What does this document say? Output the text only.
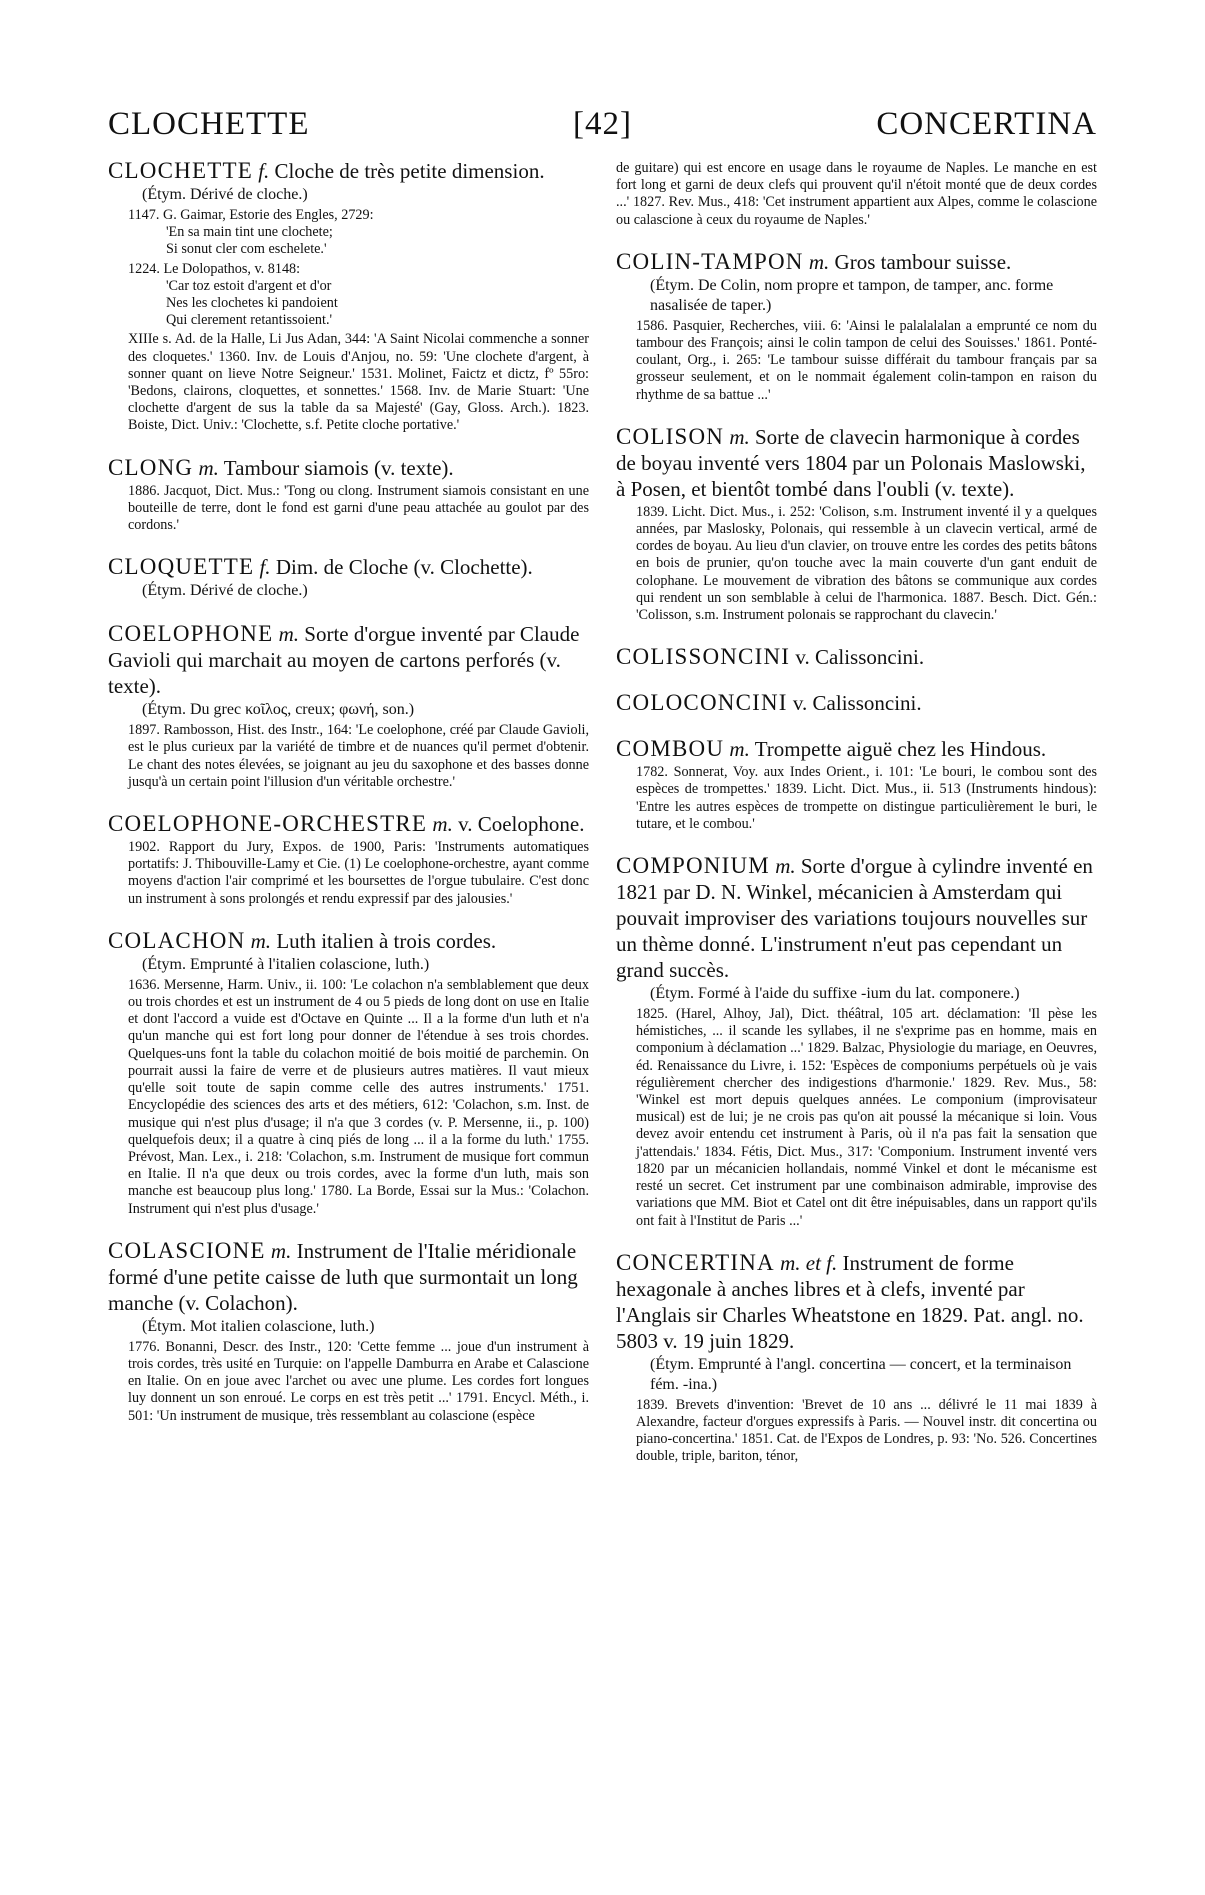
CLOCHETTE	[42]	CONCERTINA

CLOCHETTE f. Cloche de très petite dimension.

(Étym. Dérivé de cloche.)

1147. G. Gaimar, Estorie des Engles, 2729:

'En sa main tint une clochete;

Si sonut cler com eschelete.'

1224. Le Dolopathos, v. 8148:

'Car toz estoit d'argent et d'or

Nes les clochetes ki pandoient

Qui clerement retantissoient.'

XIIIe s. Ad. de la Halle, Li Jus Adan, 344: 'A Saint Nicolai commenche a sonner des cloquetes.' 1360. Inv. de Louis d'Anjou, no. 59: 'Une clochete d'argent, à sonner quant on lieve Notre Seigneur.' 1531. Molinet, Faictz et dictz, fº 55ro: 'Bedons, clairons, cloquettes, et sonnettes.' 1568. Inv. de Marie Stuart: 'Une clochette d'argent de sus la table da sa Majesté' (Gay, Gloss. Arch.). 1823. Boiste, Dict. Univ.: 'Clochette, s.f. Petite cloche portative.'

CLONG m. Tambour siamois (v. texte).

1886. Jacquot, Dict. Mus.: 'Tong ou clong. Instrument siamois consistant en une bouteille de terre, dont le fond est garni d'une peau attachée au goulot par des cordons.'

CLOQUETTE f. Dim. de Cloche (v. Clochette).

(Étym. Dérivé de cloche.)

COELOPHONE m. Sorte d'orgue inventé par Claude Gavioli qui marchait au moyen de cartons perforés (v. texte).

(Étym. Du grec κοῖλος, creux; φωνή, son.)

1897. Rambosson, Hist. des Instr., 164: 'Le coelophone, créé par Claude Gavioli, est le plus curieux par la variété de timbre et de nuances qu'il permet d'obtenir. Le chant des notes élevées, se joignant au jeu du saxophone et des basses donne jusqu'à un certain point l'illusion d'un véritable orchestre.'

COELOPHONE-ORCHESTRE m. v. Coelophone.

1902. Rapport du Jury, Expos. de 1900, Paris: 'Instruments automatiques portatifs: J. Thibouville-Lamy et Cie. (1) Le coelophone-orchestre, ayant comme moyens d'action l'air comprimé et les boursettes de l'orgue tubulaire. C'est donc un instrument à sons prolongés et rendu expressif par des jalousies.'

COLACHON m. Luth italien à trois cordes.

(Étym. Emprunté à l'italien colascione, luth.)

1636. Mersenne, Harm. Univ., ii. 100: 'Le colachon n'a semblablement que deux ou trois chordes et est un instrument de 4 ou 5 pieds de long dont on use en Italie et dont l'accord a vuide est d'Octave en Quinte ... Il a la forme d'un luth et n'a qu'un manche qui est fort long pour donner de l'étendue à ses trois chordes. Quelques-uns font la table du colachon moitié de bois moitié de parchemin. On pourrait aussi la faire de verre et de plusieurs autres matières. Il vaut mieux qu'elle soit toute de sapin comme celle des autres instruments.' 1751. Encyclopédie des sciences des arts et des métiers, 612: 'Colachon, s.m. Inst. de musique qui n'est plus d'usage; il n'a que 3 cordes (v. P. Mersenne, ii., p. 100) quelquefois deux; il a quatre à cinq piés de long ... il a la forme du luth.' 1755. Prévost, Man. Lex., i. 218: 'Colachon, s.m. Instrument de musique fort commun en Italie. Il n'a que deux ou trois cordes, avec la forme d'un luth, mais son manche est beaucoup plus long.' 1780. La Borde, Essai sur la Mus.: 'Colachon. Instrument qui n'est plus d'usage.'

COLASCIONE m. Instrument de l'Italie méridionale formé d'une petite caisse de luth que surmontait un long manche (v. Colachon).

(Étym. Mot italien colascione, luth.)

1776. Bonanni, Descr. des Instr., 120: 'Cette femme ... joue d'un instrument à trois cordes, très usité en Turquie: on l'appelle Damburra en Arabe et Calascione en Italie. On en joue avec l'archet ou avec une plume. Les cordes fort longues luy donnent un son enroué. Le corps en est très petit ...' 1791. Encycl. Méth., i. 501: 'Un instrument de musique, très ressemblant au colascione (espèce

de guitare) qui est encore en usage dans le royaume de Naples. Le manche en est fort long et garni de deux clefs qui prouvent qu'il n'étoit monté que de deux cordes ...' 1827. Rev. Mus., 418: 'Cet instrument appartient aux Alpes, comme le colascione ou calascione à ceux du royaume de Naples.'

COLIN-TAMPON m. Gros tambour suisse.

(Étym. De Colin, nom propre et tampon, de tamper, anc. forme nasalisée de taper.)

1586. Pasquier, Recherches, viii. 6: 'Ainsi le palalalalan a emprunté ce nom du tambour des François; ainsi le colin tampon de celui des Souisses.' 1861. Ponté-coulant, Org., i. 265: 'Le tambour suisse différait du tambour français par sa grosseur seulement, et on le nommait également colin-tampon en raison du rhythme de sa battue ...'

COLISON m. Sorte de clavecin harmonique à cordes de boyau inventé vers 1804 par un Polonais Maslowski, à Posen, et bientôt tombé dans l'oubli (v. texte).

1839. Licht. Dict. Mus., i. 252: 'Colison, s.m. Instrument inventé il y a quelques années, par Maslosky, Polonais, qui ressemble à un clavecin vertical, armé de cordes de boyau. Au lieu d'un clavier, on trouve entre les cordes des petits bâtons en bois de prunier, qu'on touche avec la main couverte d'un gant enduit de colophane. Le mouvement de vibration des bâtons se communique aux cordes qui rendent un son semblable à celui de l'harmonica. 1887. Besch. Dict. Gén.: 'Colisson, s.m. Instrument polonais se rapprochant du clavecin.'

COLISSONCINI v. Calissoncini.

COLOCONCINI v. Calissoncini.

COMBOU m. Trompette aiguë chez les Hindous.

1782. Sonnerat, Voy. aux Indes Orient., i. 101: 'Le bouri, le combou sont des espèces de trompettes.' 1839. Licht. Dict. Mus., ii. 513 (Instruments hindous): 'Entre les autres espèces de trompette on distingue particulièrement le buri, le tutare, et le combou.'

COMPONIUM m. Sorte d'orgue à cylindre inventé en 1821 par D. N. Winkel, mécanicien à Amsterdam qui pouvait improviser des variations toujours nouvelles sur un thème donné. L'instrument n'eut pas cependant un grand succès.

(Étym. Formé à l'aide du suffixe -ium du lat. componere.)

1825. (Harel, Alhoy, Jal), Dict. théâtral, 105 art. déclamation: 'Il pèse les hémistiches, ... il scande les syllabes, il ne s'exprime pas en homme, mais en componium à déclamation ...' 1829. Balzac, Physiologie du mariage, en Oeuvres, éd. Renaissance du Livre, i. 152: 'Espèces de componiums perpétuels où je vais régulièrement chercher des indigestions d'harmonie.' 1829. Rev. Mus., 58: 'Winkel est mort depuis quelques années. Le componium (improvisateur musical) est de lui; je ne crois pas qu'on ait poussé la mécanique si loin. Vous devez avoir entendu cet instrument à Paris, où il n'a pas fait la sensation que j'attendais.' 1834. Fétis, Dict. Mus., 317: 'Componium. Instrument inventé vers 1820 par un mécanicien hollandais, nommé Vinkel et dont le mécanisme est resté un secret. Cet instrument par une combinaison admirable, improvise des variations que MM. Biot et Catel ont dit être inépuisables, dans un rapport qu'ils ont fait à l'Institut de Paris ...'

CONCERTINA m. et f. Instrument de forme hexagonale à anches libres et à clefs, inventé par l'Anglais sir Charles Wheatstone en 1829. Pat. angl. no. 5803 v. 19 juin 1829.

(Étym. Emprunté à l'angl. concertina — concert, et la terminaison fém. -ina.)

1839. Brevets d'invention: 'Brevet de 10 ans ... délivré le 11 mai 1839 à Alexandre, facteur d'orgues expressifs à Paris. — Nouvel instr. dit concertina ou piano-concertina.' 1851. Cat. de l'Expos de Londres, p. 93: 'No. 526. Concertines double, triple, bariton, ténor,
